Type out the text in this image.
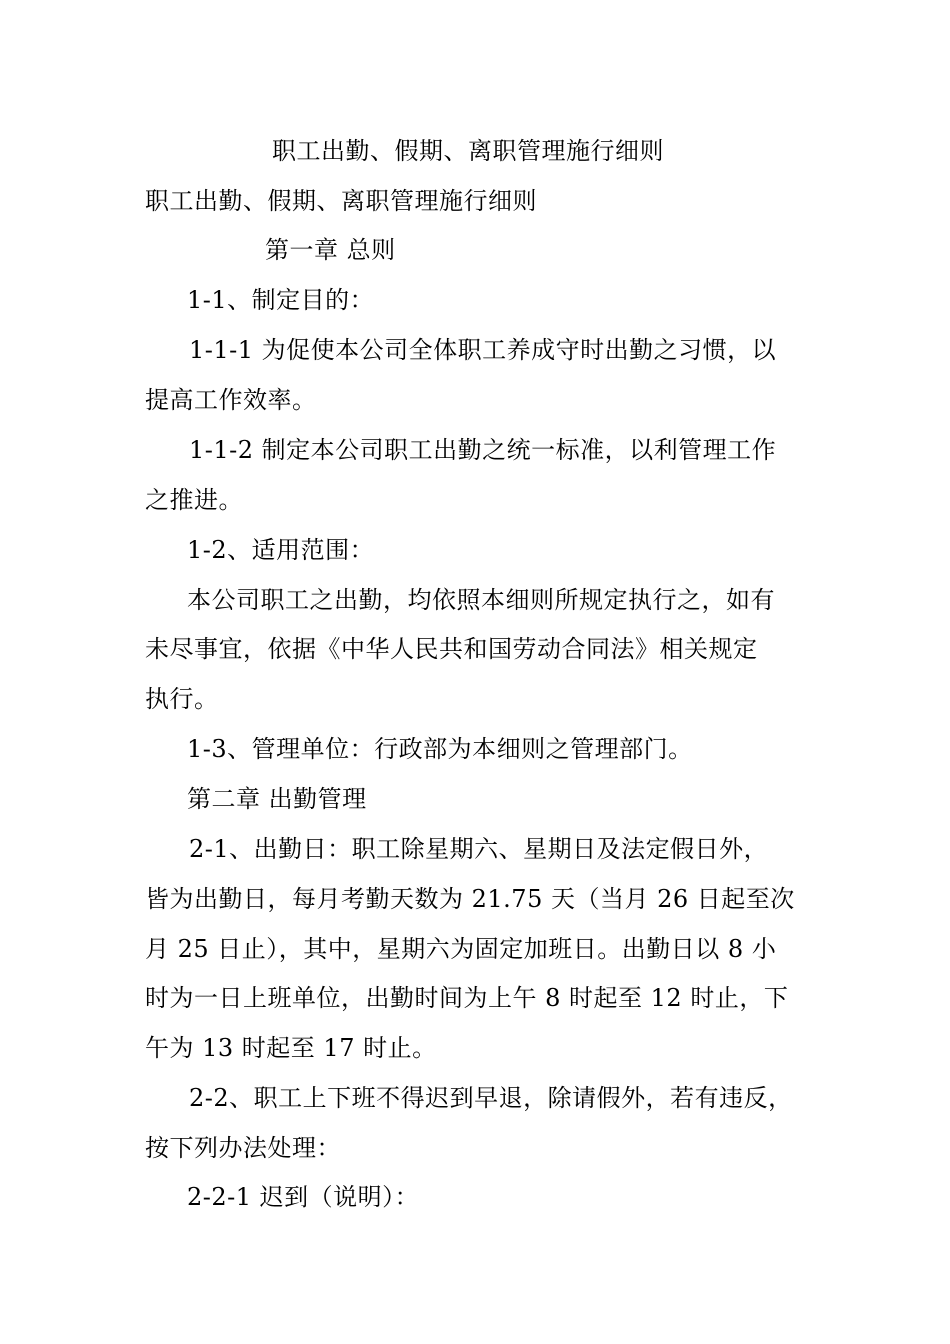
职工出勤、假期、离职管理施行细则

职工出勤、假期、离职管理施行细则

第一章 总则

1-1、制定目的：

1-1-1 为促使本公司全体职工养成守时出勤之习惯，以

提高工作效率。

1-1-2 制定本公司职工出勤之统一标准，以利管理工作

之推进。

1-2、适用范围：

本公司职工之出勤，均依照本细则所规定执行之，如有

未尽事宜，依据《中华人民共和国劳动合同法》相关规定

执行。

1-3、管理单位：行政部为本细则之管理部门。

第二章 出勤管理

2-1、出勤日：职工除星期六、星期日及法定假日外，

皆为出勤日，每月考勤天数为 21.75 天（当月 26 日起至次

月 25 日止），其中，星期六为固定加班日。出勤日以 8 小

时为一日上班单位，出勤时间为上午 8 时起至 12 时止，下

午为 13 时起至 17 时止。

2-2、职工上下班不得迟到早退，除请假外，若有违反，

按下列办法处理：

2-2-1 迟到（说明）：
